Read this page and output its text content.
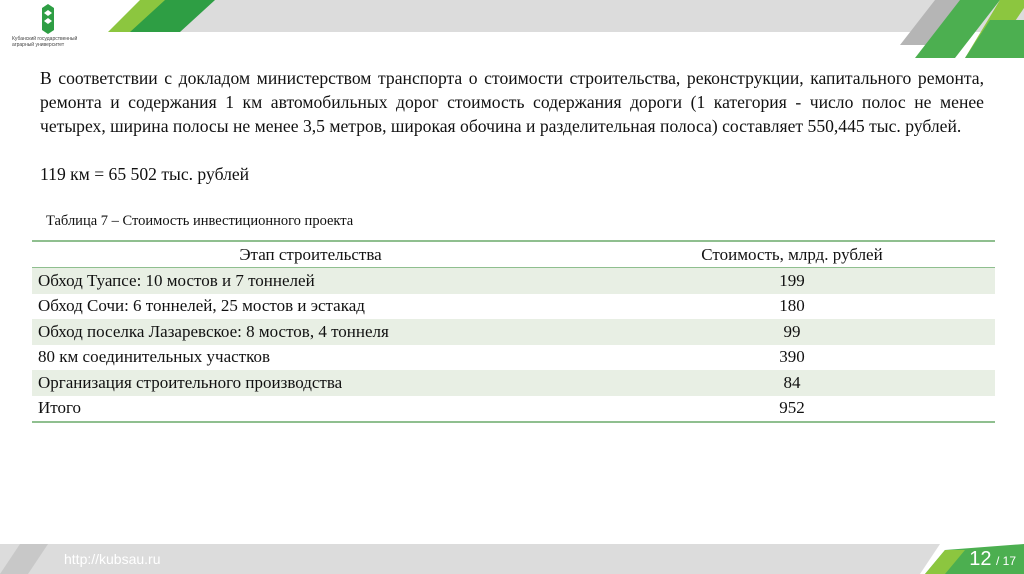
Кубанский государственный аграрный университет
В соответствии с докладом министерством транспорта о стоимости строительства, реконструкции, капитального ремонта, ремонта и содержания 1 км автомобильных дорог стоимость содержания дороги (1 категория - число полос не менее четырех, ширина полосы не менее 3,5 метров, широкая обочина и разделительная полоса) составляет 550,445 тыс. рублей.
119 км = 65 502 тыс. рублей
Таблица 7 – Стоимость инвестиционного проекта
Этап строительства	Стоимость, млрд. рублей
Обход Туапсе: 10 мостов и 7 тоннелей	199
Обход Сочи: 6 тоннелей, 25 мостов и эстакад	180
Обход поселка Лазаревское: 8 мостов, 4 тоннеля	99
80 км соединительных участков	390
Организация строительного производства	84
Итого	952
http://kubsau.ru	12 / 17
